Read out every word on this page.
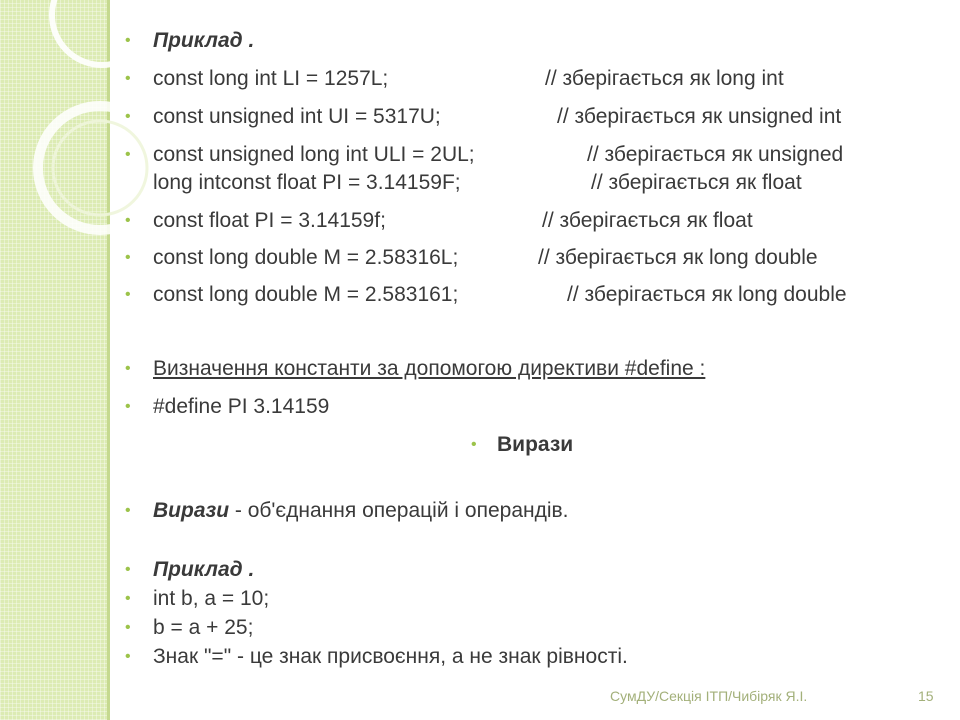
• Приклад .
• const long int LI = 1257L;	// зберігається як long int
• const unsigned int UI = 5317U;	// зберігається як unsigned int
• const unsigned long int ULI = 2UL;	// зберігається як unsigned
long intconst float PI = 3.14159F;	// зберігається як float
• const float PI = 3.14159f;	// зберігається як float
• const long double M = 2.58316L;	// зберігається як long double
• const long double M = 2.583161;	// зберігається як long double
• Визначення константи за допомогою директиви #define :
• #define PI 3.14159
• Вирази
• Вирази - об'єднання операцій і операндів.
• Приклад .
• int b, a = 10;
• b = a + 25;
• Знак "=" - це знак присвоєння, а не знак рівності.
СумДУ/Секція ІТП/Чибіряк Я.І.	15
